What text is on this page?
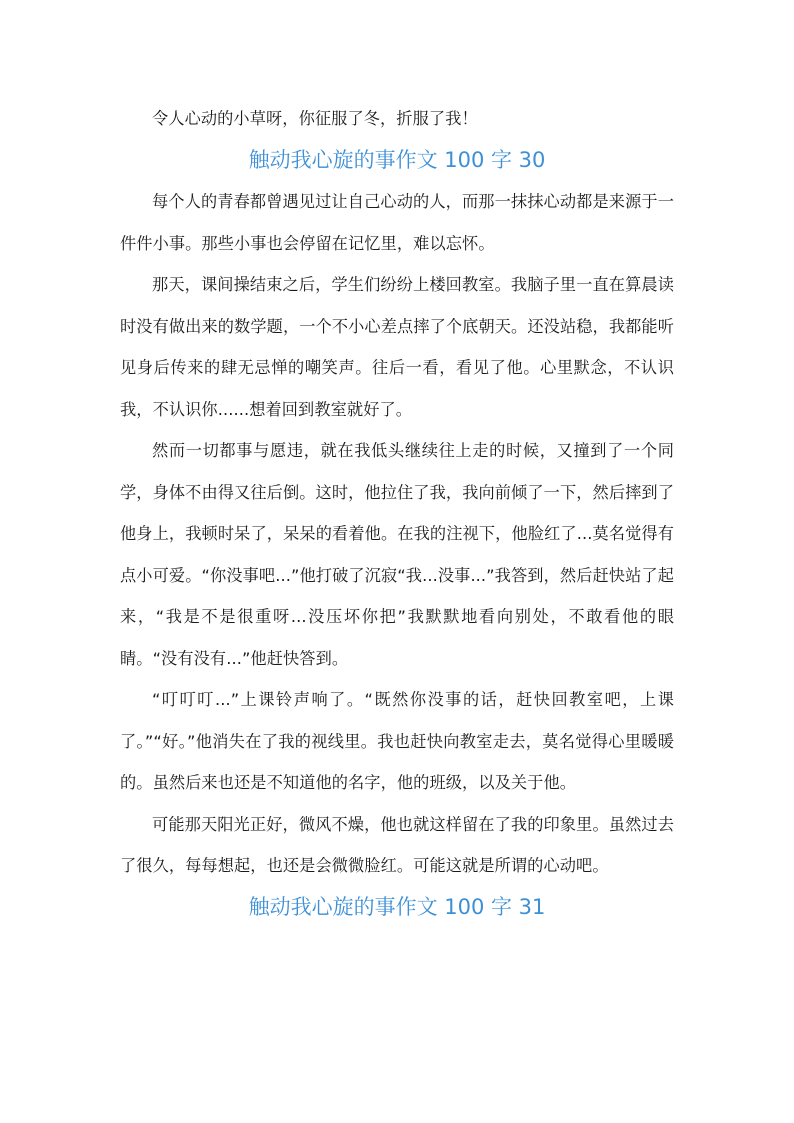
令人心动的小草呀，你征服了冬，折服了我！

触动我心旋的事作文 100 字 30

每个人的青春都曾遇见过让自己心动的人，而那一抹抹心动都是来源于一件件小事。那些小事也会停留在记忆里，难以忘怀。

那天，课间操结束之后，学生们纷纷上楼回教室。我脑子里一直在算晨读时没有做出来的数学题，一个不小心差点摔了个底朝天。还没站稳，我都能听见身后传来的肆无忌惮的嘲笑声。往后一看，看见了他。心里默念，不认识我，不认识你......想着回到教室就好了。

然而一切都事与愿违，就在我低头继续往上走的时候，又撞到了一个同学，身体不由得又往后倒。这时，他拉住了我，我向前倾了一下，然后摔到了他身上，我顿时呆了，呆呆的看着他。在我的注视下，他脸红了...莫名觉得有点小可爱。“你没事吧...”他打破了沉寂“我...没事...”我答到，然后赶快站了起来，“我是不是很重呀...没压坏你把”我默默地看向别处，不敢看他的眼睛。“没有没有...”他赶快答到。

“叮叮叮...”上课铃声响了。“既然你没事的话，赶快回教室吧，上课了。”“好。”他消失在了我的视线里。我也赶快向教室走去，莫名觉得心里暖暖的。虽然后来也还是不知道他的名字，他的班级，以及关于他。

可能那天阳光正好，微风不燥，他也就这样留在了我的印象里。虽然过去了很久，每每想起，也还是会微微脸红。可能这就是所谓的心动吧。

触动我心旋的事作文 100 字 31
